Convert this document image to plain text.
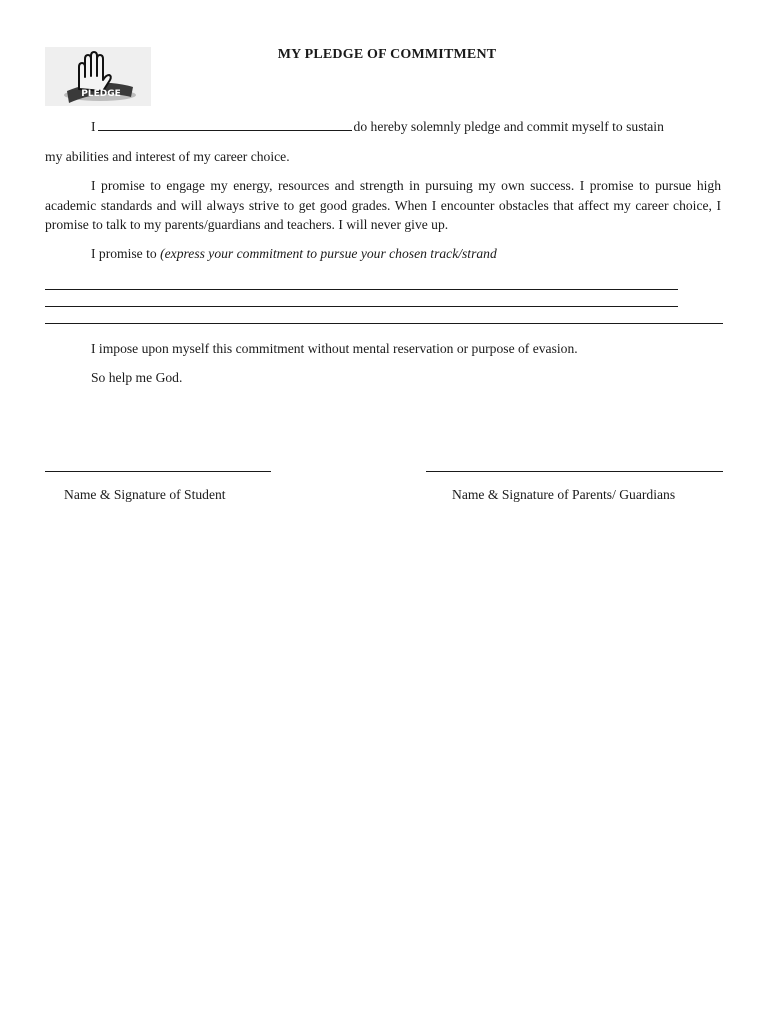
PLEDGE
MY PLEDGE OF COMMITMENT
I	do hereby solemnly pledge and commit myself to sustain
my abilities and interest of my career choice.
I promise to engage my energy, resources and strength in pursuing my own success. I promise to pursue high academic standards and will always strive to get good grades. When I encounter obstacles that affect my career choice, I promise to talk to my parents/guardians and teachers. I will never give up.
I promise to (express your commitment to pursue your chosen track/strand
I impose upon myself this commitment without mental reservation or purpose of evasion.
So help me God.
Name & Signature of Student	Name & Signature of Parents/ Guardians
